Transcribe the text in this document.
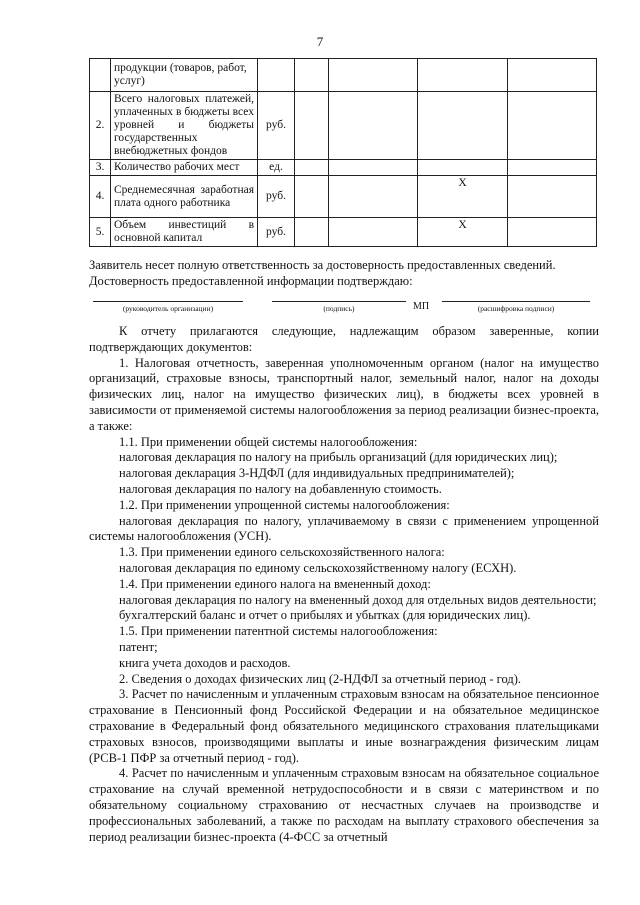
7
	продукции (товаров, работ, услуг)					
2.	Всего налоговых платежей, уплаченных в бюджеты всех уровней и бюджеты государственных внебюджетных фондов	руб.				
3.	Количество рабочих мест	ед.				
4.	Среднемесячная заработная плата одного работника	руб.			Х	
5.	Объем инвестиций в основной капитал	руб.			Х	
Заявитель несет полную ответственность за достоверность предоставленных сведений.
Достоверность предоставленной информации подтверждаю:
(руководитель организации)	(подпись)	МП	(расшифровка подписи)

К отчету прилагаются следующие, надлежащим образом заверенные, копии подтверждающих документов:

1. Налоговая отчетность, заверенная уполномоченным органом (налог на имущество организаций, страховые взносы, транспортный налог, земельный налог, налог на доходы физических лиц, налог на имущество физических лиц), в бюджеты всех уровней в зависимости от применяемой системы налогообложения за период реализации бизнес-проекта, а также:

1.1. При применении общей системы налогообложения:

налоговая декларация по налогу на прибыль организаций (для юридических лиц);

налоговая декларация 3-НДФЛ (для индивидуальных предпринимателей);

налоговая декларация по налогу на добавленную стоимость.

1.2. При применении упрощенной системы налогообложения:

налоговая декларация по налогу, уплачиваемому в связи с применением упрощенной системы налогообложения (УСН).

1.3. При применении единого сельскохозяйственного налога:

налоговая декларация по единому сельскохозяйственному налогу (ЕСХН).

1.4. При применении единого налога на вмененный доход:

налоговая декларация по налогу на вмененный доход для отдельных видов деятельности;

бухгалтерский баланс и отчет о прибылях и убытках (для юридических лиц).

1.5. При применении патентной системы налогообложения:

патент;

книга учета доходов и расходов.

2. Сведения о доходах физических лиц (2-НДФЛ за отчетный период - год).

3. Расчет по начисленным и уплаченным страховым взносам на обязательное пенсионное страхование в Пенсионный фонд Российской Федерации и на обязательное медицинское страхование в Федеральный фонд обязательного медицинского страхования плательщиками страховых взносов, производящими выплаты и иные вознаграждения физическим лицам (РСВ-1 ПФР за отчетный период - год).

4. Расчет по начисленным и уплаченным страховым взносам на обязательное социальное страхование на случай временной нетрудоспособности и в связи с материнством и по обязательному социальному страхованию от несчастных случаев на производстве и профессиональных заболеваний, а также по расходам на выплату страхового обеспечения за период реализации бизнес-проекта (4-ФСС за отчетный
